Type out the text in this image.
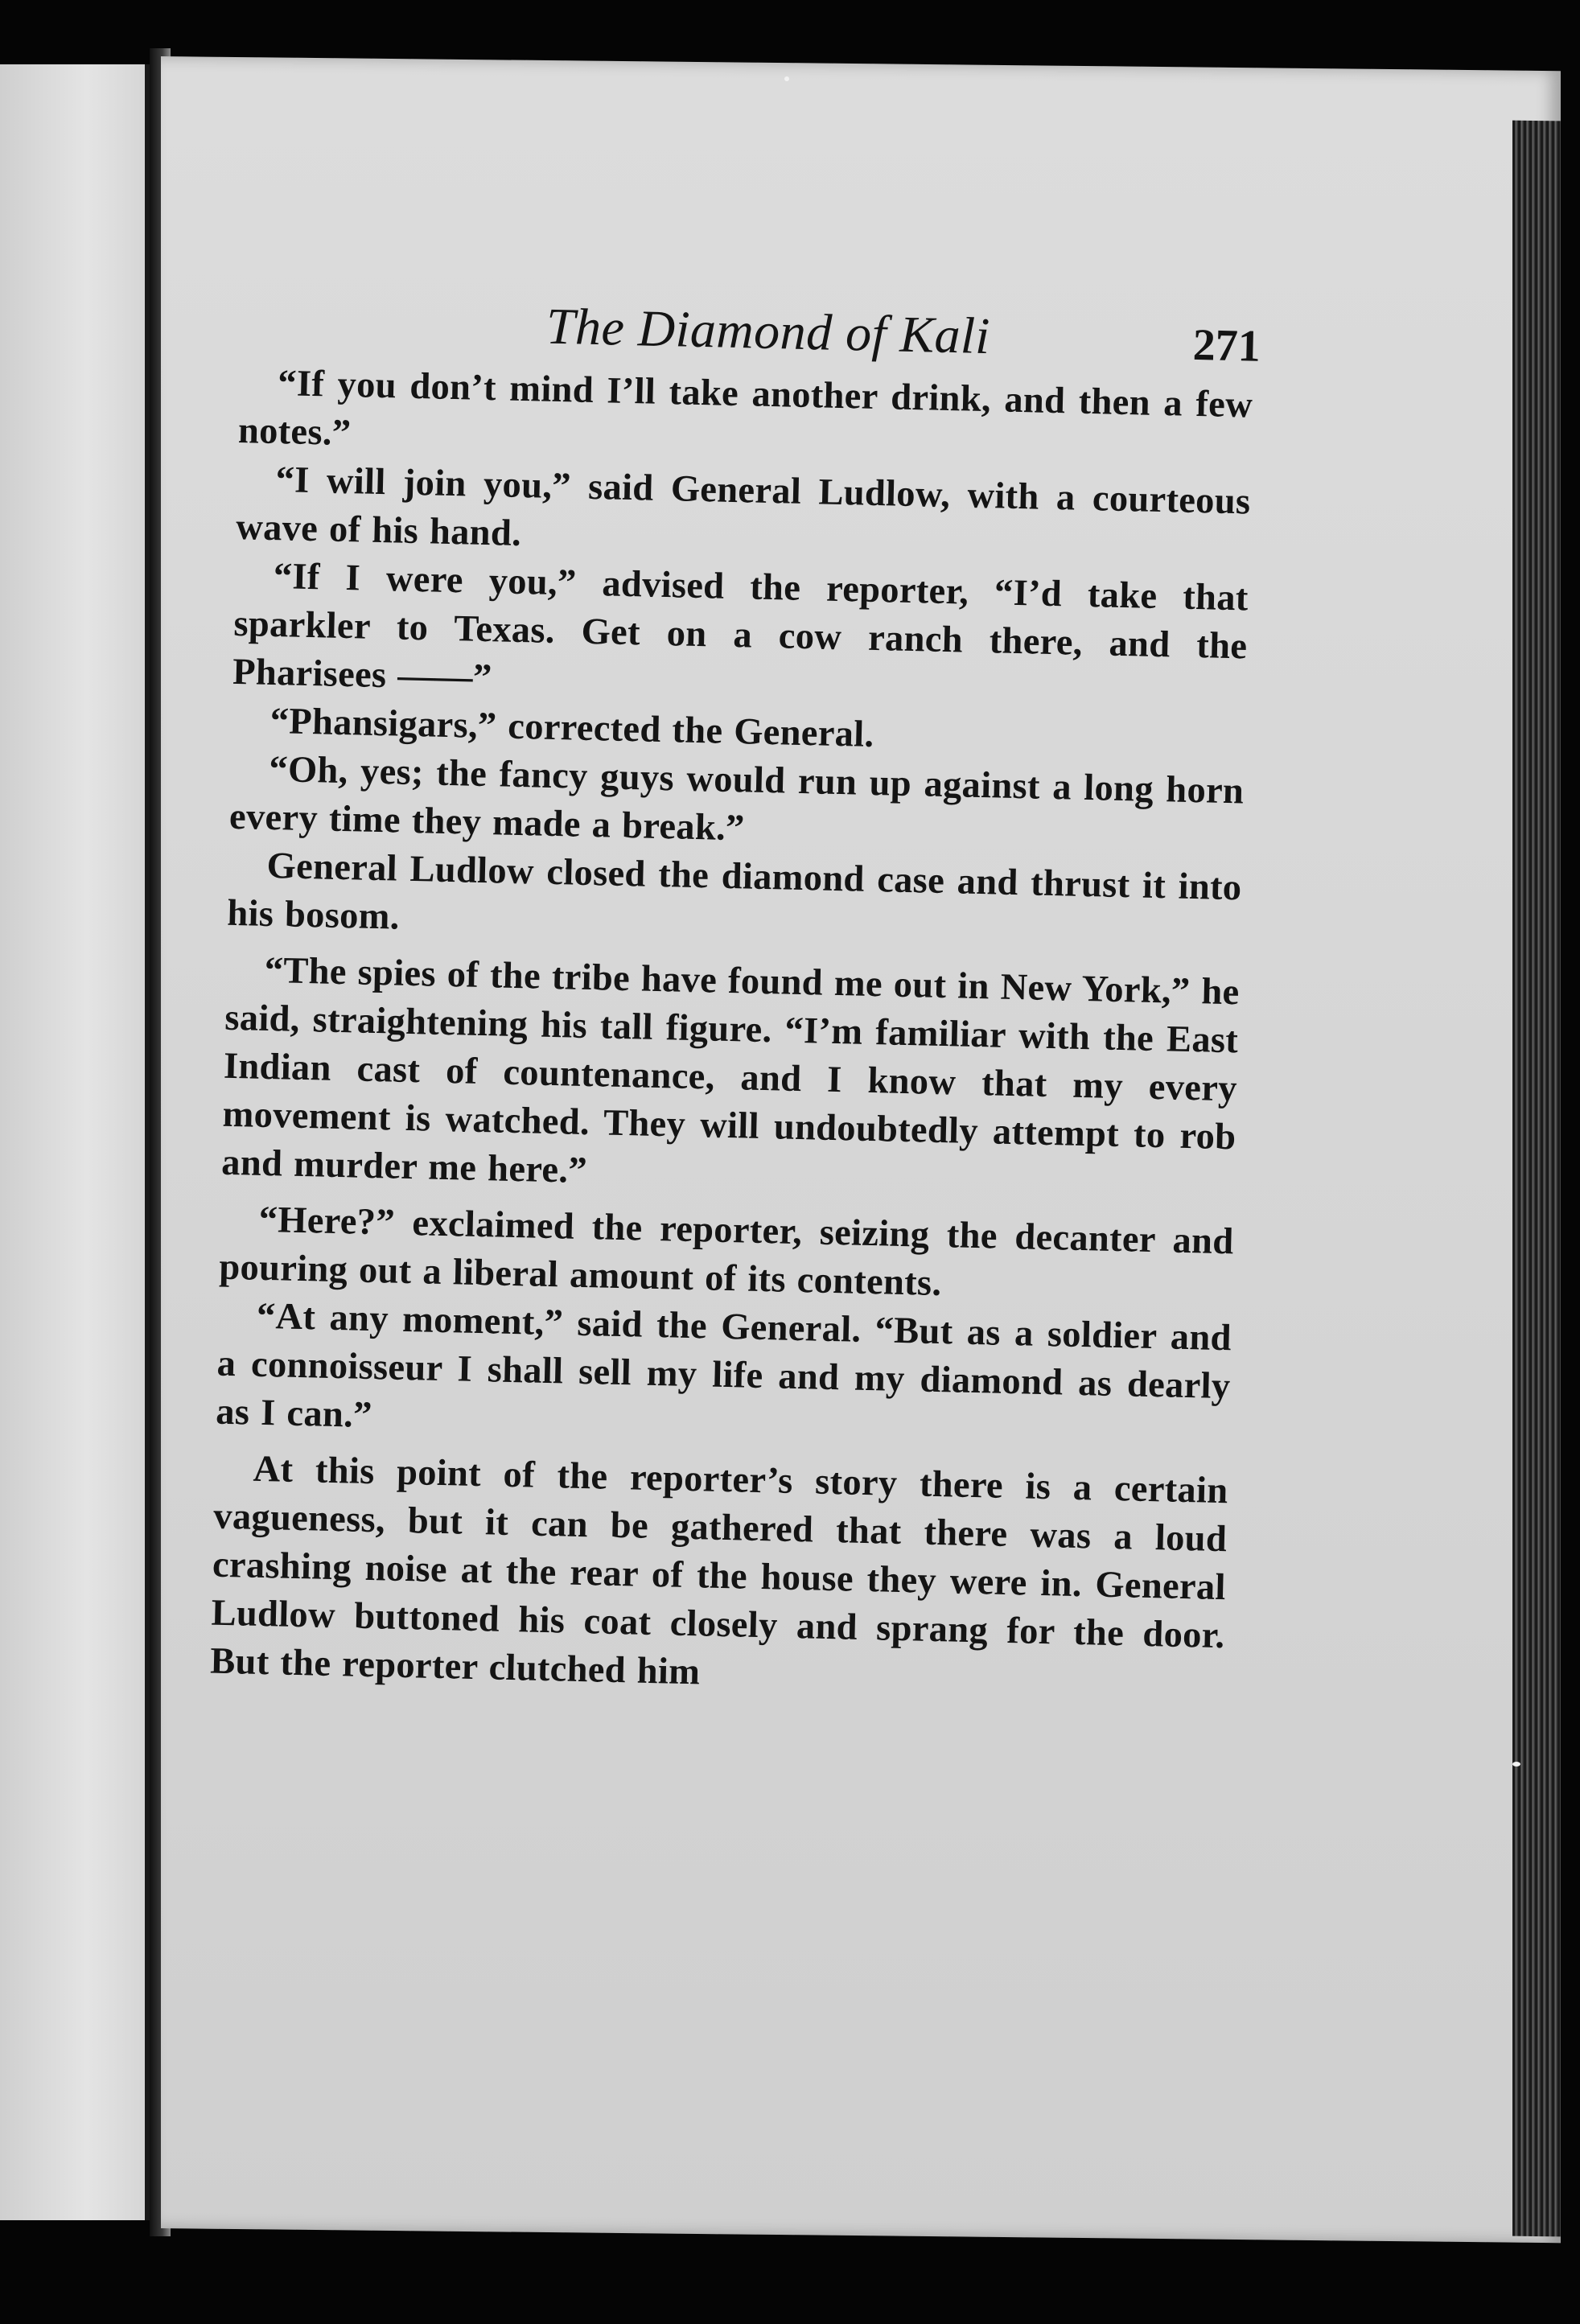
The Diamond of Kali	271

“If you don’t mind I’ll take another drink, and then a few notes.”

“I will join you,” said General Ludlow, with a courteous wave of his hand.

“If I were you,” advised the reporter, “I’d take that sparkler to Texas. Get on a cow ranch there, and the Pharisees ——”

“Phansigars,” corrected the General.

“Oh, yes; the fancy guys would run up against a long horn every time they made a break.”

General Ludlow closed the diamond case and thrust it into his bosom.

“The spies of the tribe have found me out in New York,” he said, straightening his tall figure. “I’m familiar with the East Indian cast of countenance, and I know that my every movement is watched. They will undoubtedly attempt to rob and murder me here.”

“Here?” exclaimed the reporter, seizing the decanter and pouring out a liberal amount of its contents.

“At any moment,” said the General. “But as a soldier and a connoisseur I shall sell my life and my diamond as dearly as I can.”

At this point of the reporter’s story there is a certain vagueness, but it can be gathered that there was a loud crashing noise at the rear of the house they were in. General Ludlow buttoned his coat closely and sprang for the door. But the reporter clutched him
